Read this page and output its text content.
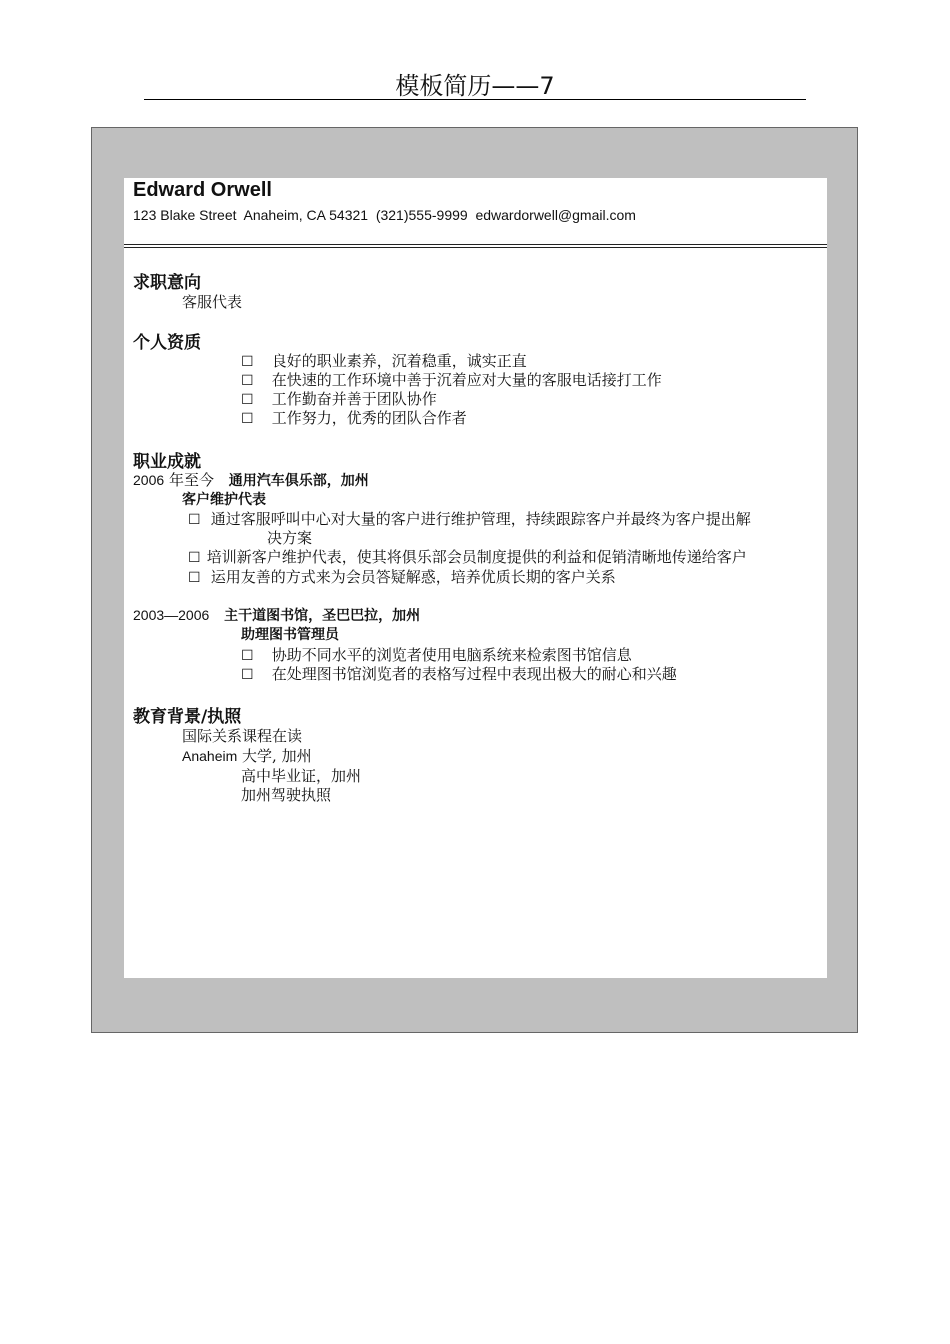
模板简历——7
Edward Orwell
123 Blake Street  Anaheim, CA 54321  (321)555-9999  edwardorwell@gmail.com
求职意向
客服代表
个人资质
☐ 良好的职业素养，沉着稳重，诚实正直
☐ 在快速的工作环境中善于沉着应对大量的客服电话接打工作
☐ 工作勤奋并善于团队协作
☐ 工作努力，优秀的团队合作者
职业成就
2006 年至今 通用汽车俱乐部，加州
客户维护代表
☐ 通过客服呼叫中心对大量的客户进行维护管理，持续跟踪客户并最终为客户提出解
决方案
☐ 培训新客户维护代表，使其将俱乐部会员制度提供的利益和促销清晰地传递给客户
☐ 运用友善的方式来为会员答疑解惑，培养优质长期的客户关系
2003—2006 主干道图书馆，圣巴巴拉，加州
助理图书管理员
☐ 协助不同水平的浏览者使用电脑系统来检索图书馆信息
☐ 在处理图书馆浏览者的表格写过程中表现出极大的耐心和兴趣
教育背景/执照
国际关系课程在读
Anaheim 大学, 加州
高中毕业证，加州
加州驾驶执照
